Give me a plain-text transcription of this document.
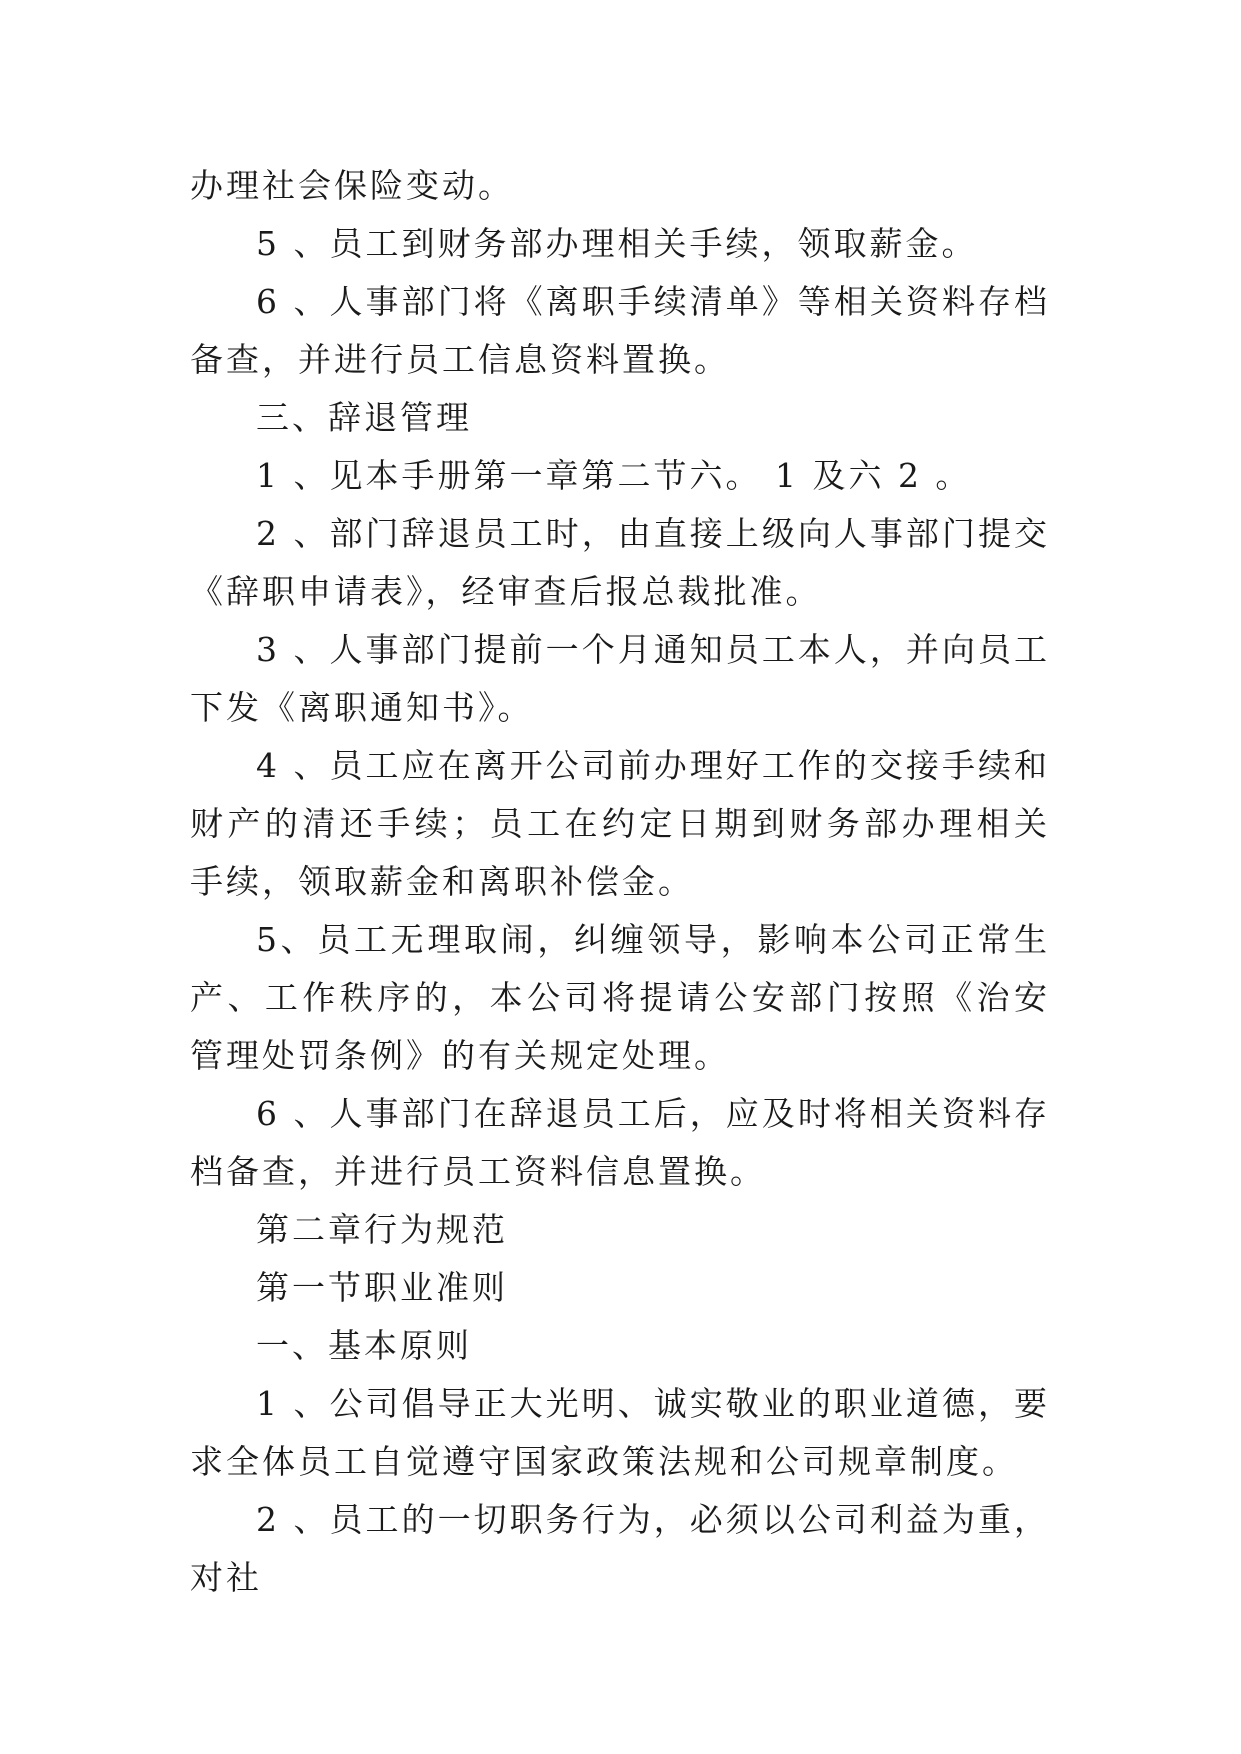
办理社会保险变动。

5 、员工到财务部办理相关手续，领取薪金。

6 、人事部门将《离职手续清单》等相关资料存档备查，并进行员工信息资料置换。

三、辞退管理

1 、见本手册第一章第二节六。 1 及六 2 。

2 、部门辞退员工时，由直接上级向人事部门提交《辞职申请表》，经审查后报总裁批准。

3 、人事部门提前一个月通知员工本人，并向员工下发《离职通知书》。

4 、员工应在离开公司前办理好工作的交接手续和财产的清还手续；员工在约定日期到财务部办理相关手续，领取薪金和离职补偿金。

5、员工无理取闹，纠缠领导，影响本公司正常生产、工作秩序的，本公司将提请公安部门按照《治安管理处罚条例》的有关规定处理。

6 、人事部门在辞退员工后，应及时将相关资料存档备查，并进行员工资料信息置换。

第二章行为规范

第一节职业准则

一、基本原则

1 、公司倡导正大光明、诚实敬业的职业道德，要求全体员工自觉遵守国家政策法规和公司规章制度。

2 、员工的一切职务行为，必须以公司利益为重，对社
